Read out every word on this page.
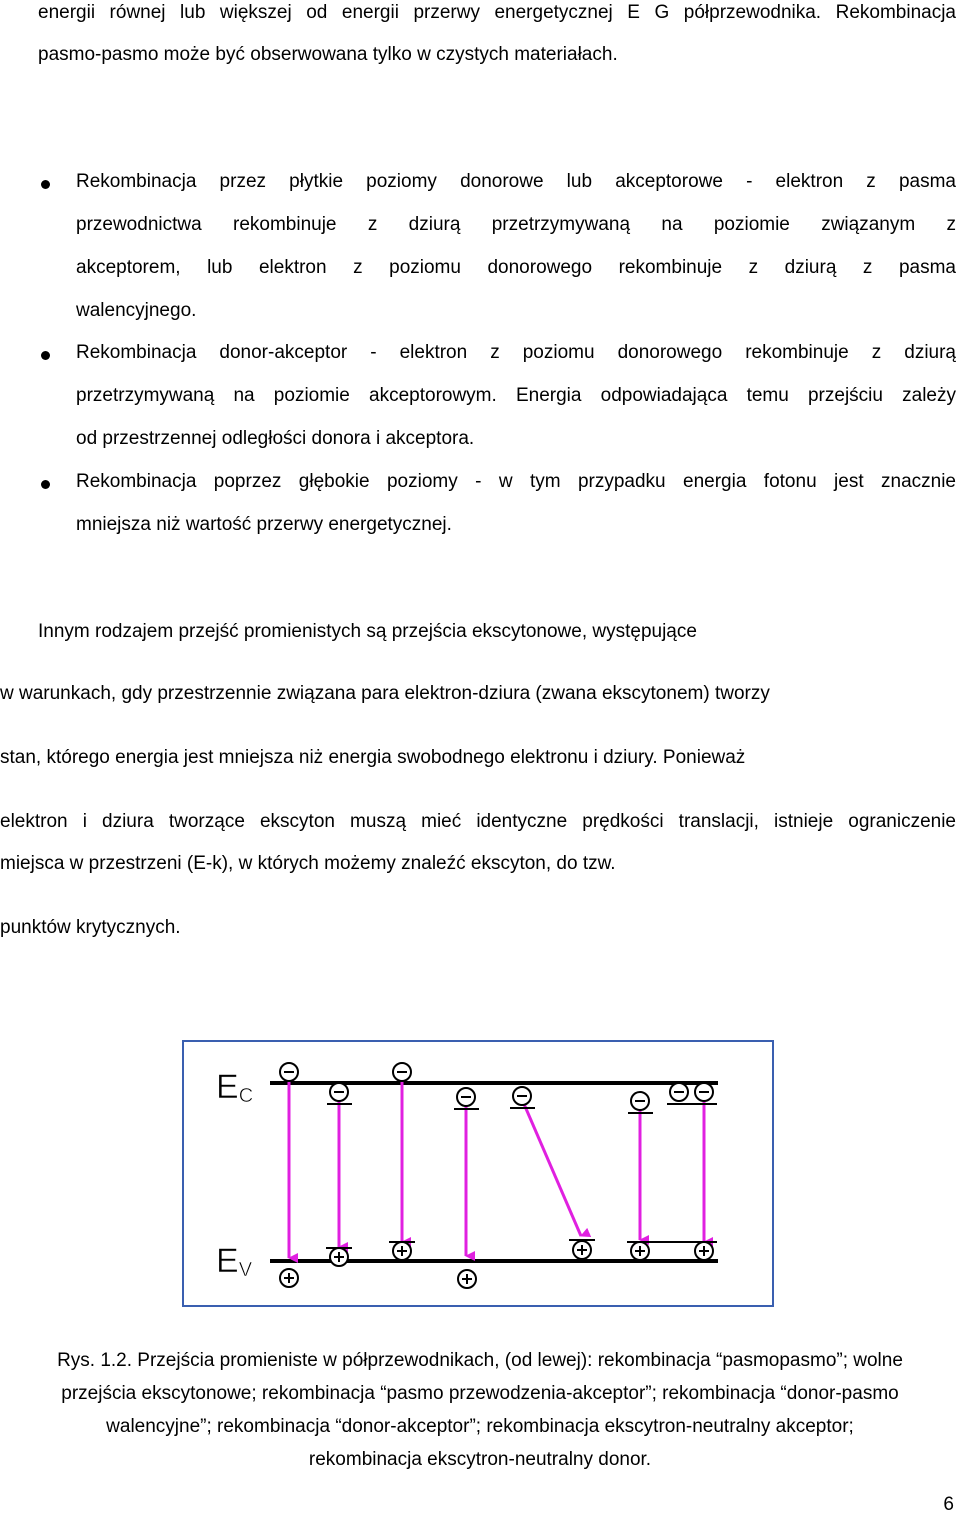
energii równej lub większej od energii przerwy energetycznej E G półprzewodnika. Rekombinacja
pasmo-pasmo może być obserwowana tylko w czystych materiałach.
Rekombinacja przez płytkie poziomy donorowe lub akceptorowe - elektron z pasma
przewodnictwa rekombinuje z dziurą przetrzymywaną na poziomie związanym z
akceptorem, lub elektron z poziomu donorowego rekombinuje z dziurą z pasma
walencyjnego.
Rekombinacja donor-akceptor - elektron z poziomu donorowego rekombinuje z dziurą
przetrzymywaną na poziomie akceptorowym. Energia odpowiadająca temu przejściu zależy
od przestrzennej odległości donora i akceptora.
Rekombinacja poprzez głębokie poziomy - w tym przypadku energia fotonu jest znacznie
mniejsza niż wartość przerwy energetycznej.
Innym rodzajem przejść promienistych są przejścia ekscytonowe, występujące
w warunkach, gdy przestrzennie związana para elektron-dziura (zwana ekscytonem) tworzy
stan, którego energia jest mniejsza niż energia swobodnego elektronu i dziury. Ponieważ
elektron i dziura tworzące ekscyton muszą mieć identyczne prędkości translacji, istnieje ograniczenie
miejsca w przestrzeni (E-k), w których możemy znaleźć ekscyton, do tzw.
punktów krytycznych.
EC
EV
Rys. 1.2. Przejścia promieniste w półprzewodnikach, (od lewej): rekombinacja “pasmopasmo”; wolne
przejścia ekscytonowe; rekombinacja “pasmo przewodzenia-akceptor”; rekombinacja “donor-pasmo
walencyjne”; rekombinacja “donor-akceptor”; rekombinacja ekscytron-neutralny akceptor;
rekombinacja ekscytron-neutralny donor.
6
